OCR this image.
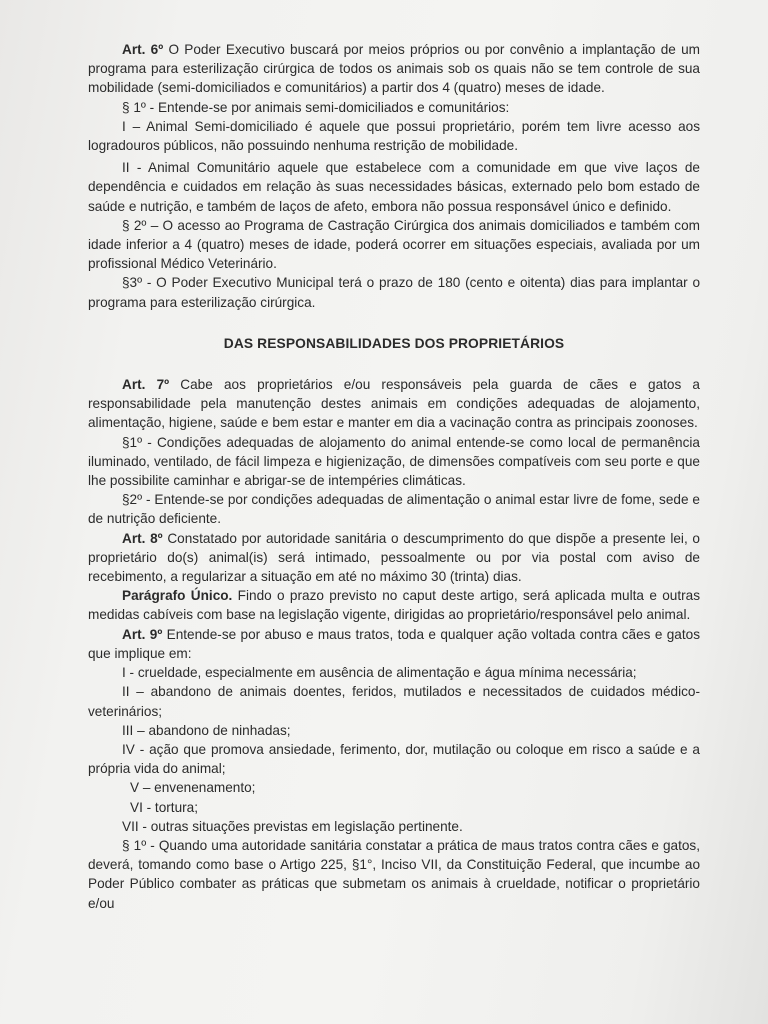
Art. 6º O Poder Executivo buscará por meios próprios ou por convênio a implantação de um programa para esterilização cirúrgica de todos os animais sob os quais não se tem controle de sua mobilidade (semi-domiciliados e comunitários) a partir dos 4 (quatro) meses de idade.

§ 1º - Entende-se por animais semi-domiciliados e comunitários:

I – Animal Semi-domiciliado é aquele que possui proprietário, porém tem livre acesso aos logradouros públicos, não possuindo nenhuma restrição de mobilidade.

II - Animal Comunitário aquele que estabelece com a comunidade em que vive laços de dependência e cuidados em relação às suas necessidades básicas, externado pelo bom estado de saúde e nutrição, e também de laços de afeto, embora não possua responsável único e definido.

§ 2º – O acesso ao Programa de Castração Cirúrgica dos animais domiciliados e também com idade inferior a 4 (quatro) meses de idade, poderá ocorrer em situações especiais, avaliada por um profissional Médico Veterinário.

§3º - O Poder Executivo Municipal terá o prazo de 180 (cento e oitenta) dias para implantar o programa para esterilização cirúrgica.

DAS RESPONSABILIDADES DOS PROPRIETÁRIOS

Art. 7º Cabe aos proprietários e/ou responsáveis pela guarda de cães e gatos a responsabilidade pela manutenção destes animais em condições adequadas de alojamento, alimentação, higiene, saúde e bem estar e manter em dia a vacinação contra as principais zoonoses.

§1º - Condições adequadas de alojamento do animal entende-se como local de permanência iluminado, ventilado, de fácil limpeza e higienização, de dimensões compatíveis com seu porte e que lhe possibilite caminhar e abrigar-se de intempéries climáticas.

§2º - Entende-se por condições adequadas de alimentação o animal estar livre de fome, sede e de nutrição deficiente.

Art. 8º Constatado por autoridade sanitária o descumprimento do que dispõe a presente lei, o proprietário do(s) animal(is) será intimado, pessoalmente ou por via postal com aviso de recebimento, a regularizar a situação em até no máximo 30 (trinta) dias.

Parágrafo Único. Findo o prazo previsto no caput deste artigo, será aplicada multa e outras medidas cabíveis com base na legislação vigente, dirigidas ao proprietário/responsável pelo animal.

Art. 9º Entende-se por abuso e maus tratos, toda e qualquer ação voltada contra cães e gatos que implique em:

I - crueldade, especialmente em ausência de alimentação e água mínima necessária;

II – abandono de animais doentes, feridos, mutilados e necessitados de cuidados médico-veterinários;

III – abandono de ninhadas;

IV - ação que promova ansiedade, ferimento, dor, mutilação ou coloque em risco a saúde e a própria vida do animal;

V – envenenamento;

VI - tortura;

VII - outras situações previstas em legislação pertinente.

§ 1º - Quando uma autoridade sanitária constatar a prática de maus tratos contra cães e gatos, deverá, tomando como base o Artigo 225, §1°, Inciso VII, da Constituição Federal, que incumbe ao Poder Público combater as práticas que submetam os animais à crueldade, notificar o proprietário e/ou
